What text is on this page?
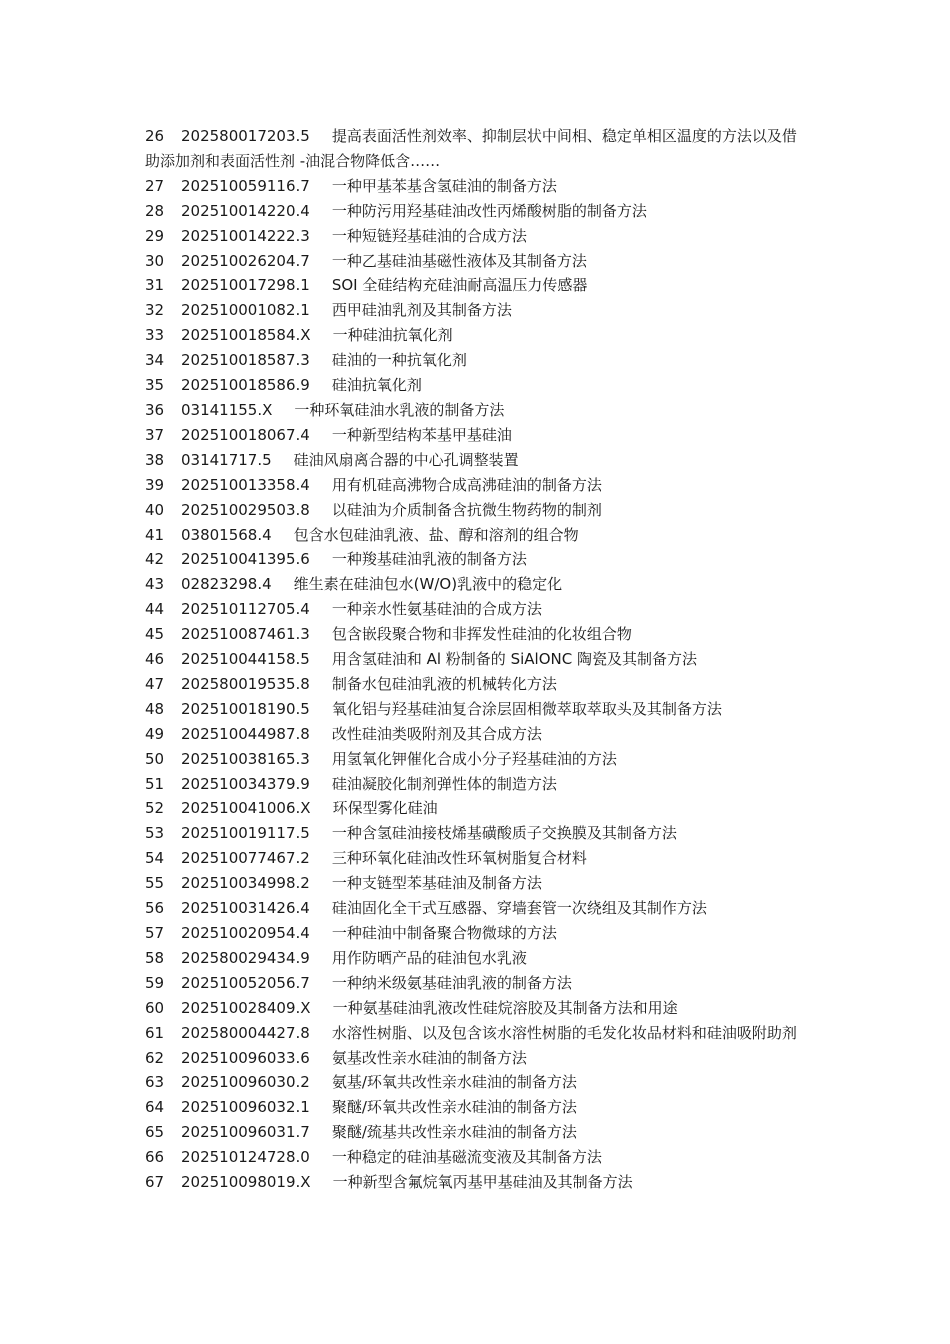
26 202580017203.5 提高表面活性剂效率、抑制层状中间相、稳定单相区温度的方法以及借助添加剂和表面活性剂 -油混合物降低含……
27 202510059116.7 一种甲基苯基含氢硅油的制备方法
28 202510014220.4 一种防污用羟基硅油改性丙烯酸树脂的制备方法
29 202510014222.3 一种短链羟基硅油的合成方法
30 202510026204.7 一种乙基硅油基磁性液体及其制备方法
31 202510017298.1 SOI 全硅结构充硅油耐高温压力传感器
32 202510001082.1 西甲硅油乳剂及其制备方法
33 202510018584.X 一种硅油抗氧化剂
34 202510018587.3 硅油的一种抗氧化剂
35 202510018586.9 硅油抗氧化剂
36 03141155.X 一种环氧硅油水乳液的制备方法
37 202510018067.4 一种新型结构苯基甲基硅油
38 03141717.5 硅油风扇离合器的中心孔调整装置
39 202510013358.4 用有机硅高沸物合成高沸硅油的制备方法
40 202510029503.8 以硅油为介质制备含抗微生物药物的制剂
41 03801568.4 包含水包硅油乳液、盐、醇和溶剂的组合物
42 202510041395.6 一种羧基硅油乳液的制备方法
43 02823298.4 维生素在硅油包水(W/O)乳液中的稳定化
44 202510112705.4 一种亲水性氨基硅油的合成方法
45 202510087461.3 包含嵌段聚合物和非挥发性硅油的化妆组合物
46 202510044158.5 用含氢硅油和 Al 粉制备的 SiAlONC 陶瓷及其制备方法
47 202580019535.8 制备水包硅油乳液的机械转化方法
48 202510018190.5 氧化铝与羟基硅油复合涂层固相微萃取萃取头及其制备方法
49 202510044987.8 改性硅油类吸附剂及其合成方法
50 202510038165.3 用氢氧化钾催化合成小分子羟基硅油的方法
51 202510034379.9 硅油凝胶化制剂弹性体的制造方法
52 202510041006.X 环保型雾化硅油
53 202510019117.5 一种含氢硅油接枝烯基磺酸质子交换膜及其制备方法
54 202510077467.2 三种环氧化硅油改性环氧树脂复合材料
55 202510034998.2 一种支链型苯基硅油及制备方法
56 202510031426.4 硅油固化全干式互感器、穿墙套管一次绕组及其制作方法
57 202510020954.4 一种硅油中制备聚合物微球的方法
58 202580029434.9 用作防晒产品的硅油包水乳液
59 202510052056.7 一种纳米级氨基硅油乳液的制备方法
60 202510028409.X 一种氨基硅油乳液改性硅烷溶胶及其制备方法和用途
61 202580004427.8 水溶性树脂、以及包含该水溶性树脂的毛发化妆品材料和硅油吸附助剂
62 202510096033.6 氨基改性亲水硅油的制备方法
63 202510096030.2 氨基/环氧共改性亲水硅油的制备方法
64 202510096032.1 聚醚/环氧共改性亲水硅油的制备方法
65 202510096031.7 聚醚/巯基共改性亲水硅油的制备方法
66 202510124728.0 一种稳定的硅油基磁流变液及其制备方法
67 202510098019.X 一种新型含氟烷氧丙基甲基硅油及其制备方法
